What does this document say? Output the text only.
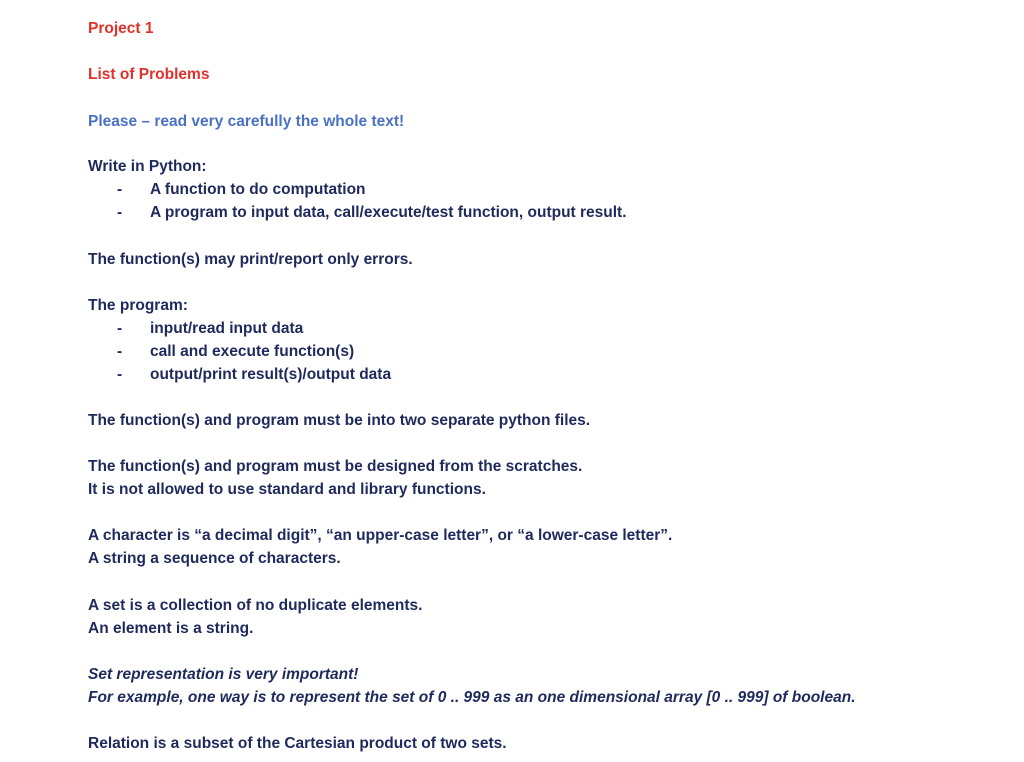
Project 1
List of Problems
Please – read very carefully the whole text!
Write in Python:
- A function to do computation
- A program to input data, call/execute/test function, output result.
The function(s) may print/report only errors.
The program:
- input/read input data
- call and execute function(s)
- output/print result(s)/output data
The function(s) and program must be into two separate python files.
The function(s) and program must be designed from the scratches.
It is not allowed to use standard and library functions.
A character is “a decimal digit”, “an upper-case letter”, or “a lower-case letter”.
A string a sequence of characters.
A set is a collection of no duplicate elements.
An element is a string.
Set representation is very important!
For example, one way is to represent the set of 0 .. 999 as an one dimensional array [0 .. 999] of boolean.
Relation is a subset of the Cartesian product of two sets.
